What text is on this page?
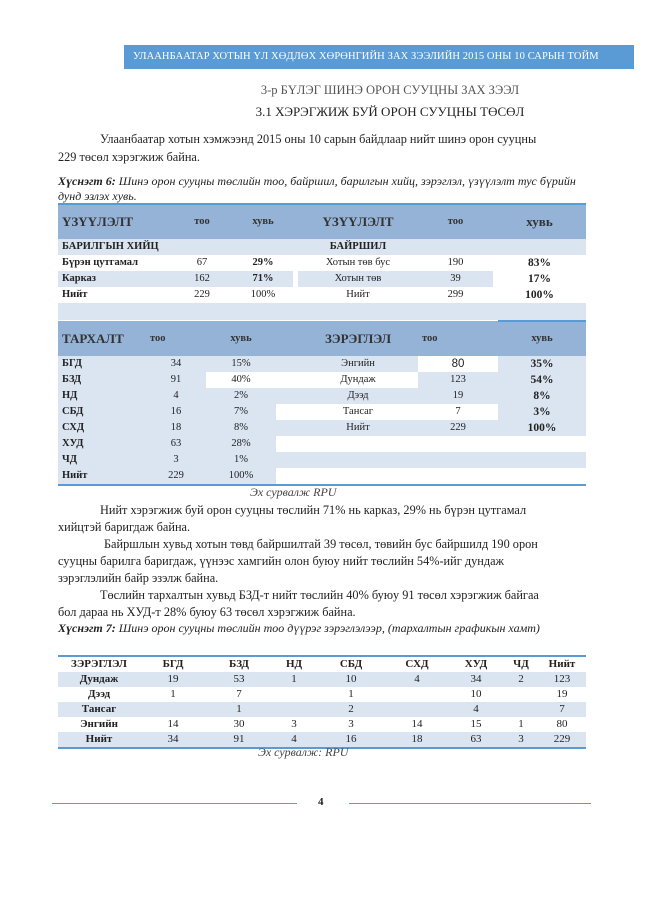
УЛААНБААТАР ХОТЫН ҮЛ ХӨДЛӨХ ХӨРӨНГИЙН ЗАХ ЗЭЭЛИЙН 2015 ОНЫ 10 САРЫН ТОЙМ
3-р БҮЛЭГ ШИНЭ ОРОН СУУЦНЫ ЗАХ ЗЭЭЛ
3.1 ХЭРЭГЖИЖ БУЙ ОРОН СУУЦНЫ ТӨСӨЛ
Улаанбаатар хотын хэмжээнд 2015 оны 10 сарын байдлаар нийт шинэ орон сууцны
229 төсөл хэрэгжиж байна.
Хүснэгт 6: Шинэ орон сууцны төслийн тоо, байршил, барилгын хийц, зэрэглэл, үзүүлэлт тус бүрийн дунд эзлэх хувь.
ҮЗҮҮЛЭЛТ	тоо	хувь		ҮЗҮҮЛЭЛТ	тоо	хувь
БАРИЛГЫН ХИЙЦ				БАЙРШИЛ		
Бүрэн цутгамал	67	29%		Хотын төв бус	190	83%
Карказ	162	71%		Хотын төв	39	17%
Нийт	229	100%		Нийт	299	100%

ТАРХАЛТ	тоо	хувь		ЗЭРЭГЛЭЛ	тоо	хувь
БГД	34	15%		Энгийн	80	35%
БЗД	91	40%		Дундаж	123	54%
НД	4	2%		Дээд	19	8%
СБД	16	7%		Тансаг	7	3%
СХД	18	8%		Нийт	229	100%
ХУД	63	28%				
ЧД	3	1%				
Нийт	229	100%				
Эх сурвалж RPU
Нийт хэрэгжиж буй орон сууцны төслийн 71% нь карказ, 29% нь бүрэн цутгамал
хийцтэй баригдаж байна.
Байршлын хувьд хотын төвд байршилтай 39 төсөл, төвийн бус байршилд 190 орон
сууцны барилга баригдаж, үүнээс хамгийн олон буюу нийт төслийн 54%-ийг дундаж
зэрэглэлийн байр эзэлж байна.
Төслийн тархалтын хувьд БЗД-т нийт төслийн 40% буюу 91 төсөл хэрэгжиж байгаа
бол дараа нь ХУД-т 28% буюу 63 төсөл хэрэгжиж байна.
Хүснэгт 7: Шинэ орон сууцны төслийн тоо дүүрэг зэрэглэлээр, (тархалтын графикын хамт)
ЗЭРЭГЛЭЛ	БГД	БЗД	НД	СБД	СХД	ХУД	ЧД	Нийт
Дундаж	19	53	1	10	4	34	2	123
Дээд	1	7		1		10		19
Тансаг		1		2		4		7
Энгийн	14	30	3	3	14	15	1	80
Нийт	34	91	4	16	18	63	3	229
Эх сурвалж: RPU
4
